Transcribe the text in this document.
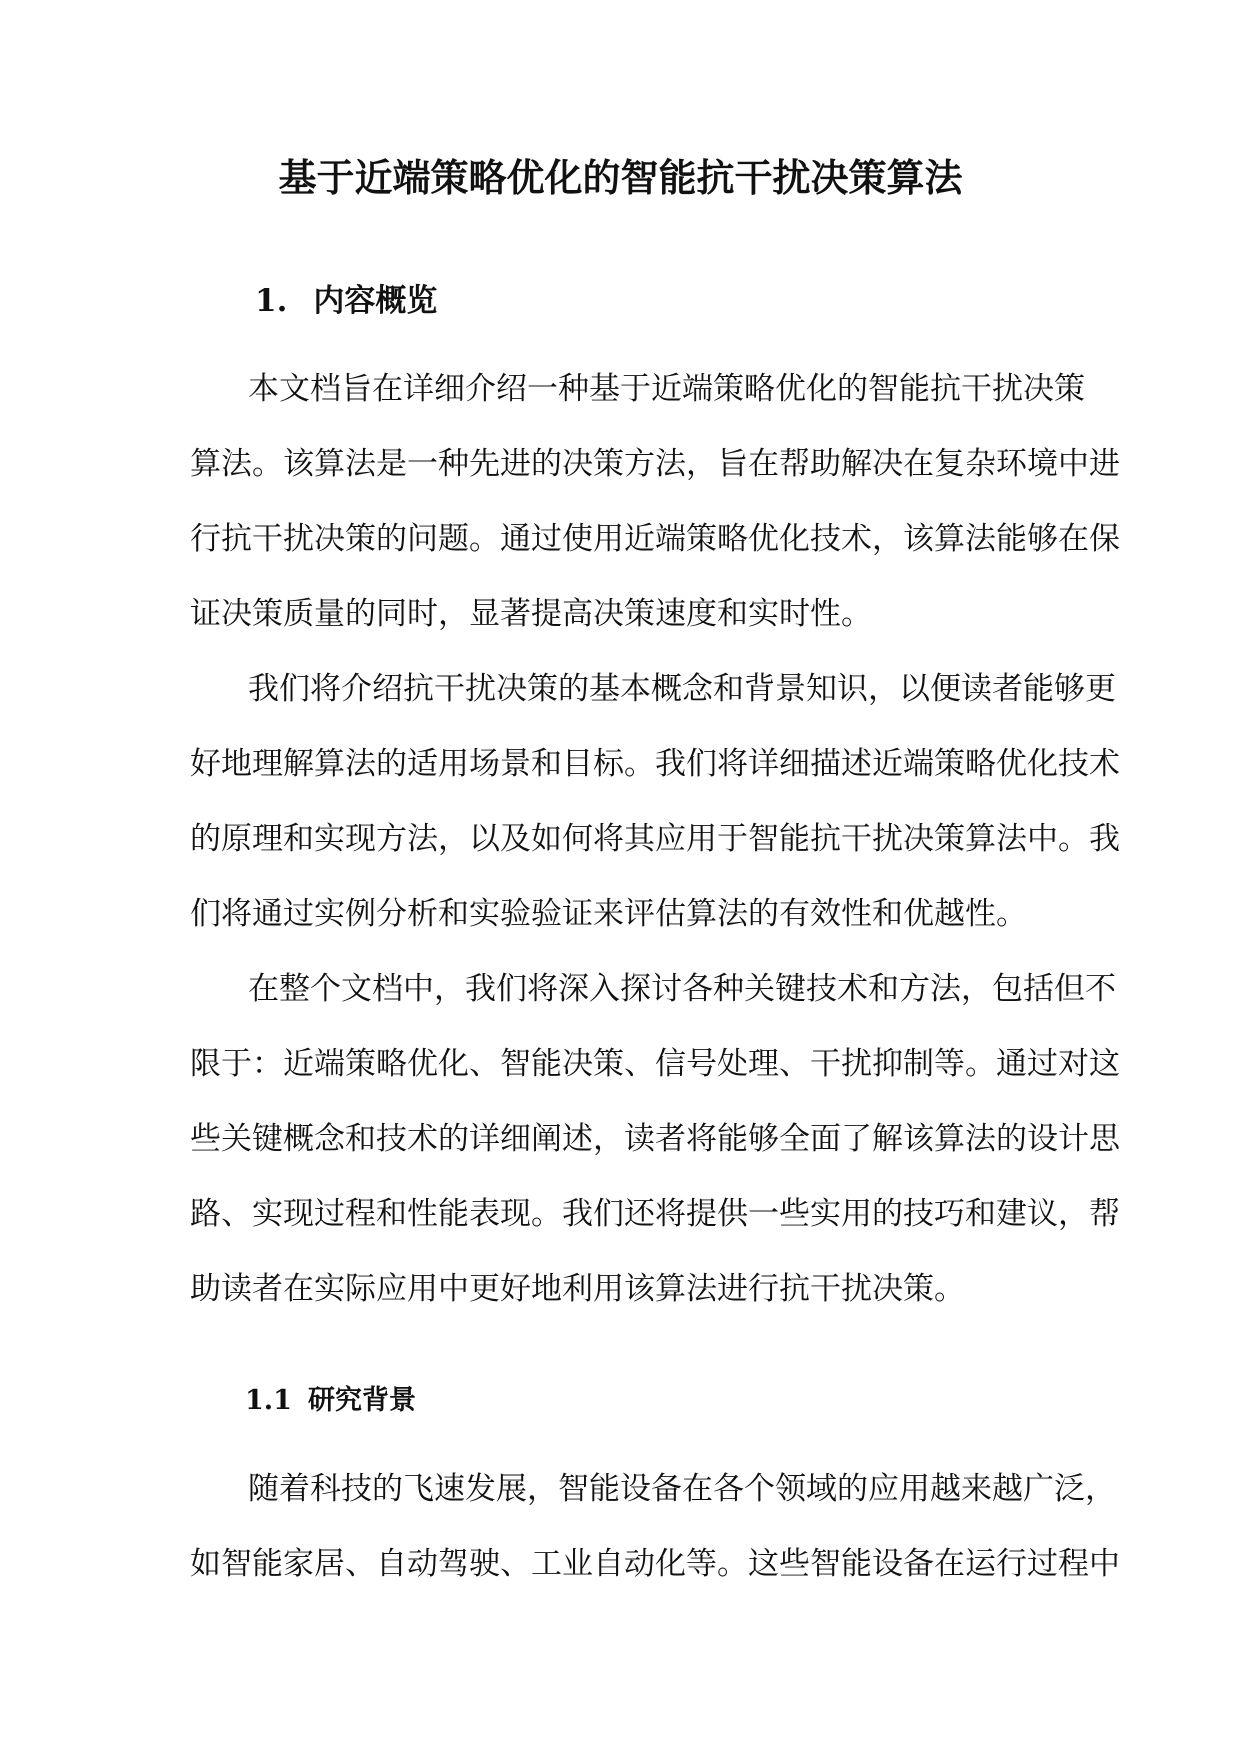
基于近端策略优化的智能抗干扰决策算法
1. 内容概览

本文档旨在详细介绍一种基于近端策略优化的智能抗干扰决策

算法。该算法是一种先进的决策方法，旨在帮助解决在复杂环境中进

行抗干扰决策的问题。通过使用近端策略优化技术，该算法能够在保

证决策质量的同时，显著提高决策速度和实时性。

我们将介绍抗干扰决策的基本概念和背景知识，以便读者能够更

好地理解算法的适用场景和目标。我们将详细描述近端策略优化技术

的原理和实现方法，以及如何将其应用于智能抗干扰决策算法中。我

们将通过实例分析和实验验证来评估算法的有效性和优越性。

在整个文档中，我们将深入探讨各种关键技术和方法，包括但不

限于：近端策略优化、智能决策、信号处理、干扰抑制等。通过对这

些关键概念和技术的详细阐述，读者将能够全面了解该算法的设计思

路、实现过程和性能表现。我们还将提供一些实用的技巧和建议，帮

助读者在实际应用中更好地利用该算法进行抗干扰决策。

1.1 研究背景

随着科技的飞速发展，智能设备在各个领域的应用越来越广泛，

如智能家居、自动驾驶、工业自动化等。这些智能设备在运行过程中
